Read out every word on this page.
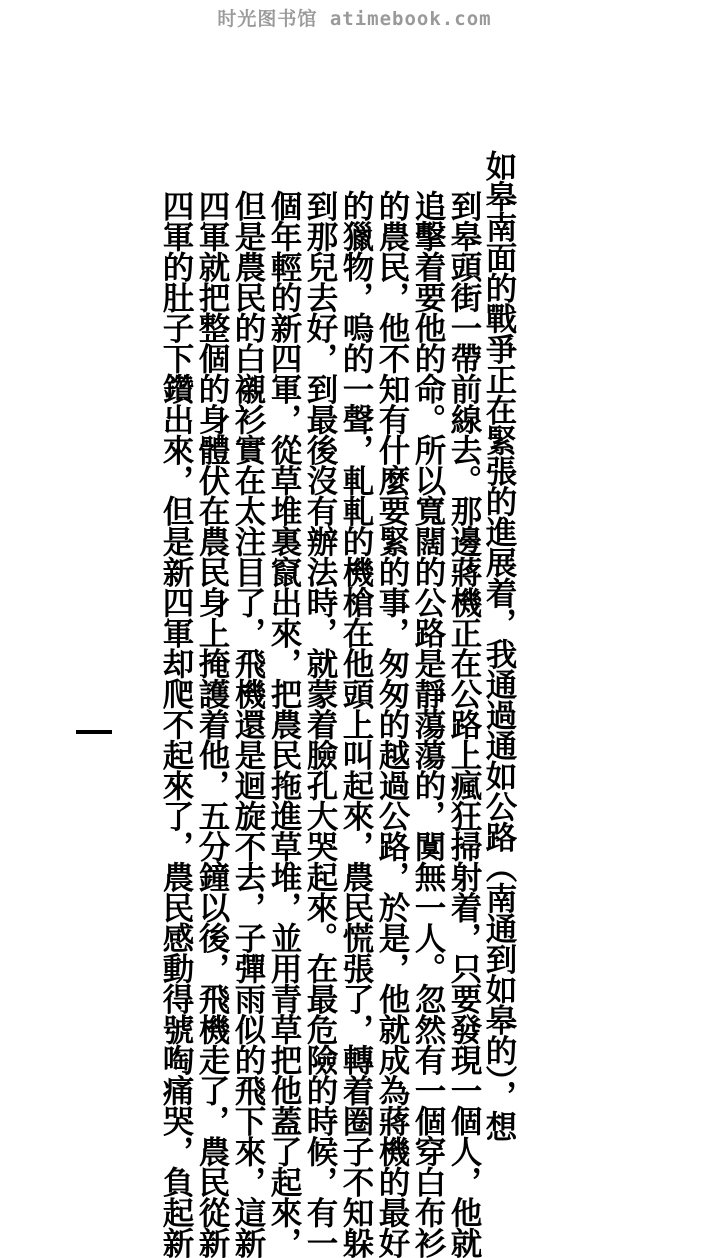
时光图书馆 atimebook.com
如皋南面的戰爭正在緊張的進展着，我通過通如公路（南通到如皋的），想
到皋頭街一帶前線去。那邊蔣機正在公路上瘋狂掃射着，只要發現一個人，他就
追擊着要他的命。所以寬闊的公路是靜蕩蕩的，闃無一人。忽然有一個穿白布衫
的農民，他不知有什麼要緊的事，匆匆的越過公路，於是，他就成為蔣機的最好
的獵物，嗚的一聲，軋軋的機槍在他頭上叫起來，農民慌張了，轉着圈子不知躲
到那兒去好，到最後沒有辦法時，就蒙着臉孔大哭起來。在最危險的時候，有一
個年輕的新四軍，從草堆裏竄出來，把農民拖進草堆，並用青草把他蓋了起來，
但是農民的白襯衫實在太注目了，飛機還是迴旋不去，子彈雨似的飛下來，這新
四軍就把整個的身體伏在農民身上掩護着他，五分鐘以後，飛機走了，農民從新
四軍的肚子下鑽出來，但是新四軍却爬不起來了，農民感動得號啕痛哭，負起新
